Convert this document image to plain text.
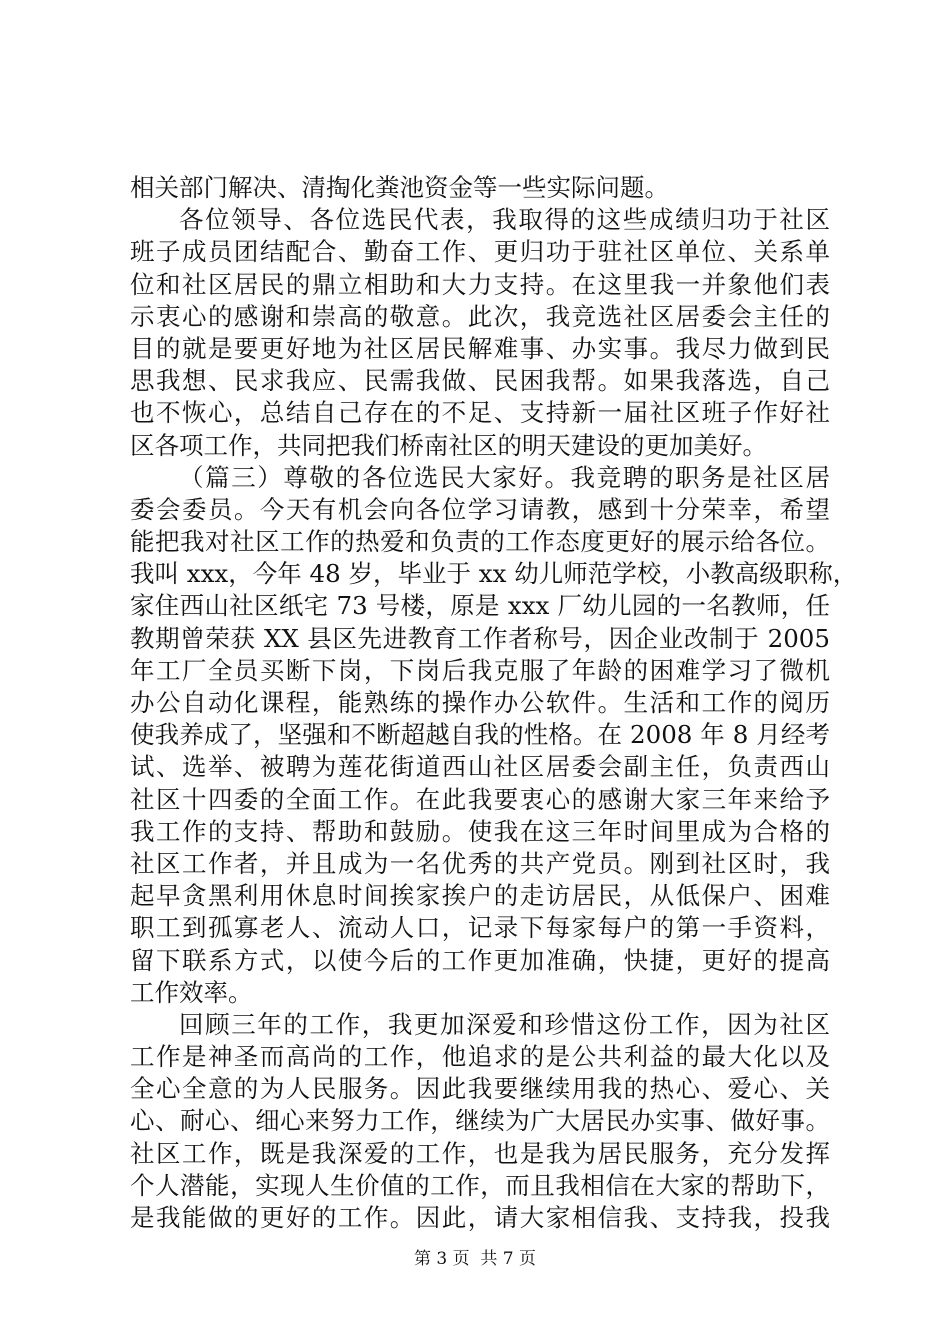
相关部门解决、清掏化粪池资金等一些实际问题。
各位领导、各位选民代表，我取得的这些成绩归功于社区
班子成员团结配合、勤奋工作、更归功于驻社区单位、关系单
位和社区居民的鼎立相助和大力支持。在这里我一并象他们表
示衷心的感谢和崇高的敬意。此次，我竞选社区居委会主任的
目的就是要更好地为社区居民解难事、办实事。我尽力做到民
思我想、民求我应、民需我做、民困我帮。如果我落选，自己
也不恢心，总结自己存在的不足、支持新一届社区班子作好社
区各项工作，共同把我们桥南社区的明天建设的更加美好。
（篇三）尊敬的各位选民大家好。我竞聘的职务是社区居
委会委员。今天有机会向各位学习请教，感到十分荣幸，希望
能把我对社区工作的热爱和负责的工作态度更好的展示给各位。
我叫 xxx，今年 48 岁，毕业于 xx 幼儿师范学校，小教高级职称，
家住西山社区纸宅 73 号楼，原是 xxx 厂幼儿园的一名教师，任
教期曾荣获 XX 县区先进教育工作者称号，因企业改制于 2005
年工厂全员买断下岗，下岗后我克服了年龄的困难学习了微机
办公自动化课程，能熟练的操作办公软件。生活和工作的阅历
使我养成了，坚强和不断超越自我的性格。在 2008 年 8 月经考
试、选举、被聘为莲花街道西山社区居委会副主任，负责西山
社区十四委的全面工作。在此我要衷心的感谢大家三年来给予
我工作的支持、帮助和鼓励。使我在这三年时间里成为合格的
社区工作者，并且成为一名优秀的共产党员。刚到社区时，我
起早贪黑利用休息时间挨家挨户的走访居民，从低保户、困难
职工到孤寡老人、流动人口，记录下每家每户的第一手资料，
留下联系方式，以使今后的工作更加准确，快捷，更好的提高
工作效率。
回顾三年的工作，我更加深爱和珍惜这份工作，因为社区
工作是神圣而高尚的工作，他追求的是公共利益的最大化以及
全心全意的为人民服务。因此我要继续用我的热心、爱心、关
心、耐心、细心来努力工作，继续为广大居民办实事、做好事。
社区工作，既是我深爱的工作，也是我为居民服务，充分发挥
个人潜能，实现人生价值的工作，而且我相信在大家的帮助下，
是我能做的更好的工作。因此，请大家相信我、支持我，投我
第 3 页  共 7 页
